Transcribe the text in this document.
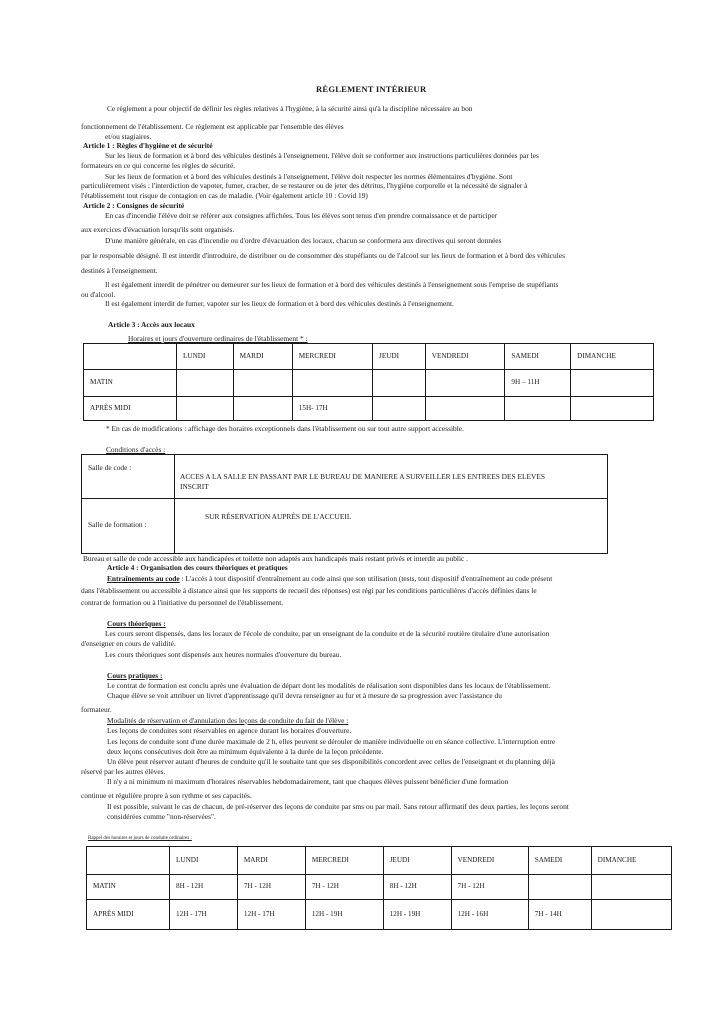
RÈGLEMENT INTÉRIEUR
Ce règlement a pour objectif de définir les règles relatives à l'hygiène, à la sécurité ainsi qu'à la discipline nécessaire au bon
fonctionnement de l'établissement. Ce règlement est applicable par l'ensemble des élèves
et/ou stagiaires.
Article 1 : Règles d'hygiène et de sécurité
Sur les lieux de formation et à bord des véhicules destinés à l'enseignement, l'élève doit se conformer aux instructions particulières données par les
formateurs en ce qui concerne les règles de sécurité.
Sur les lieux de formation et à bord des véhicules destinés à l'enseignement, l'élève doit respecter les normes élémentaires d'hygiène. Sont
particulièrement visés : l'interdiction de vapoter, fumer, cracher, de se restaurer ou de jeter des détritus, l'hygiène corporelle et la nécessité de signaler à
l'établissement tout risque de contagion en cas de maladie. (Voir également article 10 : Covid 19)
Article 2 : Consignes de sécurité
En cas d'incendie l'élève doit se référer aux consignes affichées. Tous les élèves sont tenus d'en prendre connaissance et de participer
aux exercices d'évacuation lorsqu'ils sont organisés.
D'une manière générale, en cas d'incendie ou d'ordre d'évacuation des locaux, chacun se conformera aux directives qui seront données
par le responsable désigné. Il est interdit d'introduire, de distribuer ou de consommer des stupéfiants ou de l'alcool sur les lieux de formation et à bord des véhicules
destinés à l'enseignement.
Il est également interdit de pénétrer ou demeurer sur les lieux de formation et à bord des véhicules destinés à l'enseignement sous l'emprise de stupéfiants
ou d'alcool.
Il est également interdit de fumer, vapoter sur les lieux de formation et à bord des véhicules destinés à l'enseignement.
Article 3 : Accès aux locaux
Horaires et jours d'ouverture ordinaires de l'établissement * :
	LUNDI	MARDI	MERCREDI	JEUDI	VENDREDI	SAMEDI	DIMANCHE
MATIN						9H – 11H	
APRÈS MIDI			15H- 17H				
* En cas de modifications : affichage des horaires exceptionnels dans l'établissement ou sur tout autre support accessible.
Conditions d'accès :
Salle de code :
ACCES A LA SALLE EN PASSANT PAR LE BUREAU DE MANIERE A SURVEILLER LES ENTREES DES ELEVES
INSCRIT
Salle de formation :
SUR RÉSERVATION AUPRÈS DE L'ACCUEIL
Bureau et salle de code accessible aux handicapées et toilette non adaptés aux handicapés mais restant privés et interdit au public .
Article 4 : Organisation des cours théoriques et pratiques
Entraînements au code : L'accès à tout dispositif d'entraînement au code ainsi que son utilisation (tests, tout dispositif d'entraînement au code présent
dans l'établissement ou accessible à distance ainsi que les supports de recueil des réponses) est régi par les conditions particulières d'accès définies dans le
contrat de formation ou à l'initiative du personnel de l'établissement.
Cours théoriques :
Les cours seront dispensés, dans les locaux de l'école de conduite, par un enseignant de la conduite et de la sécurité routière titulaire d'une autorisation
d'enseigner en cours de validité.
Les cours théoriques sont dispensés aux heures normales d'ouverture du bureau.
Cours pratiques :
Le contrat de formation est conclu après une évaluation de départ dont les modalités de réalisation sont disponibles dans les locaux de l'établissement.
Chaque élève se voit attribuer un livret d'apprentissage qu'il devra renseigner au fur et à mesure de sa progression avec l'assistance du
formateur.
Modalités de réservation et d'annulation des leçons de conduite du fait de l'élève :
Les leçons de conduites sont réservables en agence durant les horaires d'ouverture.
Les leçons de conduite sont d'une durée maximale de 2 h, elles peuvent se dérouler de manière individuelle ou en séance collective. L'interruption entre
deux leçons consécutives doit être au minimum équivalente à la durée de la leçon précédente.
Un élève peut réserver autant d'heures de conduite qu'il le souhaite tant que ses disponibilités concordent avec celles de l'enseignant et du planning déjà
réservé par les autres élèves.
Il n'y a ni minimum ni maximum d'horaires réservables hebdomadairement, tant que chaques élèves puissent bénéficier d'une formation
continue et régulière propre à son rythme et ses capacités.
Il est possible, suivant le cas de chacun, de pré-réserver des leçons de conduite par sms ou par mail. Sans retour affirmatif des deux parties, les leçons seront
considérées comme "non-réservées".
Rappel des horaires et jours de conduite ordinaires :
	LUNDI	MARDI	MERCREDI	JEUDI	VENDREDI	SAMEDI	DIMANCHE
MATIN	8H - 12H	7H - 12H	7H - 12H	8H - 12H	7H - 12H		
APRÈS MIDI	12H - 17H	12H - 17H	12H - 19H	12H - 19H	12H - 16H	7H - 14H	
